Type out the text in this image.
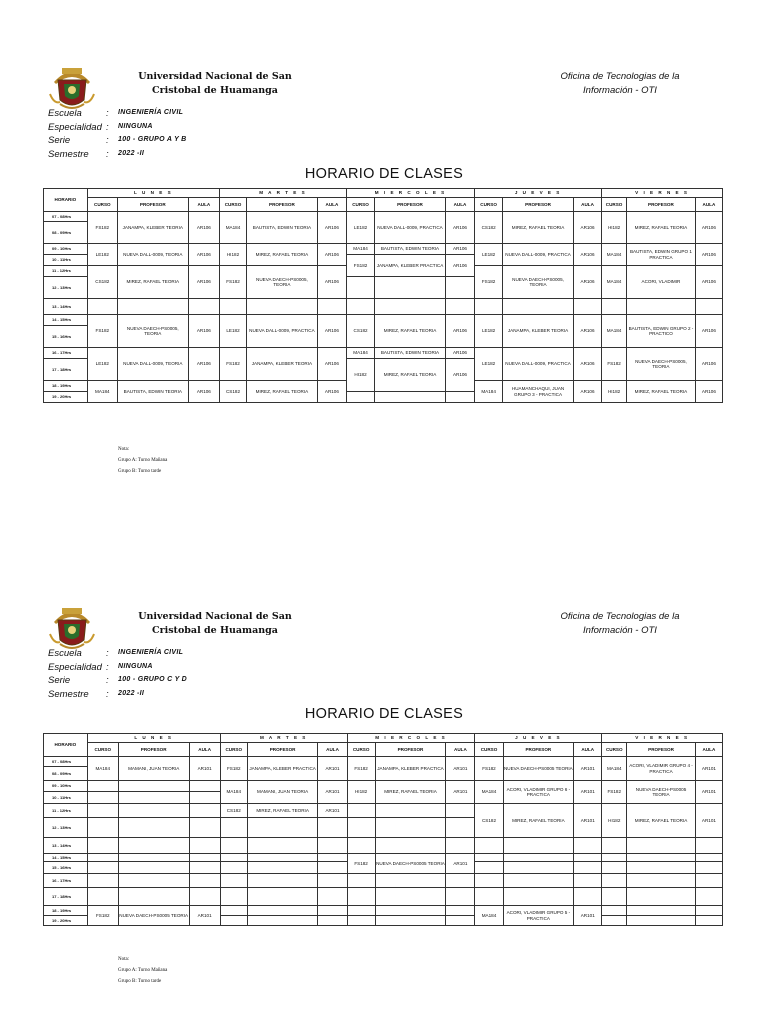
Universidad Nacional de San
Cristobal de Huamanga
Oficina de Tecnologias de la
Información - OTI
Escuela	: INGENIERÍA CIVIL
Especialidad : NINGUNA
Serie	: 100 - GRUPO A Y B
Semestre	: 2022 -II
HORARIO DE CLASES
HORARIO	L U N E S			M A R T E S			M I E R C O L E S			J U E V E S			V I E R N E S		
	CURSO	PROFESOR	AULA	CURSO	PROFESOR	AULA	CURSO	PROFESOR	AULA	CURSO	PROFESOR	AULA	CURSO	PROFESOR	AULA
07 - 08Hrs	FS182	JANAMPA, KLEBER TEORIA	AR106	MA184	BAUTISTA, EDWIN TEORIA	AR106	LE182	NUEVA DALL-0009, PRACTICA	AR106	CS182	MIREZ, RAFAEL TEORIA	AR106	HI182	MIREZ, RAFAEL TEORIA	AR106
08 - 09Hrs															
09 - 10Hrs	LE182	NUEVA DALL-0009, TEORIA	AR106	HI182	MIREZ, RAFAEL TEORIA	AR106	MA184	BAUTISTA, EDWIN TEORIA	AR106	LE182	NUEVA DALL-0009, PRACTICA	AR106	MA184	BAUTISTA, EDWIN GRUPO 1 PRACTICA	AR106
10 - 11Hrs							FS182	JANAMPA, KLEBER PRACTICA	AR106						
11 - 12Hrs	CS182	MIREZ, RAFAEL TEORIA	AR106	FS182	NUEVA DAECH-PS0005, TEORIA	AR106				FS182	NUEVA DAECH-PS0005, TEORIA	AR106	MA184	ACORI, VLADIMIR	AR106
12 - 13Hrs															
13 - 14Hrs															
14 - 15Hrs	FS182	NUEVA DAECH-PS0005, TEORIA	AR106	LE182	NUEVA DALL-0009, PRACTICA	AR106	CS182	MIREZ, RAFAEL TEORIA	AR106	LE182	JANAMPA, KLEBER TEORIA	AR106	MA184	BAUTISTA, EDWIN GRUPO 2 - PRACTICO	AR106
15 - 16Hrs															
16 - 17Hrs	LE182	NUEVA DALL-0009, TEORIA	AR106	FS182	JANAMPA, KLEBER TEORIA	AR106	MA184	BAUTISTA, EDWIN TEORIA	AR106	LE182	NUEVA DALL-0009, PRACTICA	AR106	FS182	NUEVA DAECH-PS0005, TEORIA	AR106
17 - 18Hrs							HI182	MIREZ, RAFAEL TEORIA	AR106						
18 - 19Hrs	MA184	BAUTISTA, EDWIN TEORIA	AR106	CS182	MIREZ, RAFAEL TEORIA	AR106				MA184	HUAMANCHAQUI, JUAN GRUPO 3 - PRACTICA	AR106	HI182	MIREZ, RAFAEL TEORIA	AR106
19 - 20Hrs															
Nota:
Grupo A: Turno Mañana
Grupo B: Turno tarde
Universidad Nacional de San
Cristobal de Huamanga
Oficina de Tecnologias de la
Información - OTI
Escuela	: INGENIERÍA CIVIL
Especialidad : NINGUNA
Serie	: 100 - GRUPO C Y D
Semestre	: 2022 -II
HORARIO DE CLASES
HORARIO	L U N E S			M A R T E S			M I E R C O L E S			J U E V E S			V I E R N E S		
	CURSO	PROFESOR	AULA	CURSO	PROFESOR	AULA	CURSO	PROFESOR	AULA	CURSO	PROFESOR	AULA	CURSO	PROFESOR	AULA
07 - 08Hrs	MA184	MAMANI, JUAN TEORIA	AR101	FS182	JANAMPA, KLEBER PRACTICA	AR101	FS182	JANAMPA, KLEBER PRACTICA	AR101	FS182	NUEVA DAECH-PS0005 TEORIA	AR101	MA184	ACORI, VLADIMIR GRUPO 4 - PRACTICA	AR101
08 - 09Hrs															
09 - 10Hrs				MA184	MAMANI, JUAN TEORIA	AR101	HI182	MIREZ, RAFAEL TEORIA	AR101	MA184	ACORI, VLADIMIR GRUPO 6 - PRACTICA	AR101	FS182	NUEVA DAECH-PS0005 TEORIA	AR101
10 - 11Hrs															
11 - 12Hrs				CS182	MIREZ, RAFAEL TEORIA	AR101				CS182	MIREZ, RAFAEL TEORIA	AR101	HI182	MIREZ, RAFAEL TEORIA	AR101
12 - 13Hrs															
13 - 14Hrs															
14 - 15Hrs							FS182	NUEVA DAECH-PS0005 TEORIA	AR101						
15 - 16Hrs															
16 - 17Hrs															
17 - 18Hrs															
18 - 19Hrs	FS182	NUEVA DAECH-PS0005 TEORIA	AR101							MA184	ACORI, VLADIMIR GRUPO 5 - PRACTICA	AR101			
19 - 20Hrs															
Nota:
Grupo A: Turno Mañana
Grupo B: Turno tarde
